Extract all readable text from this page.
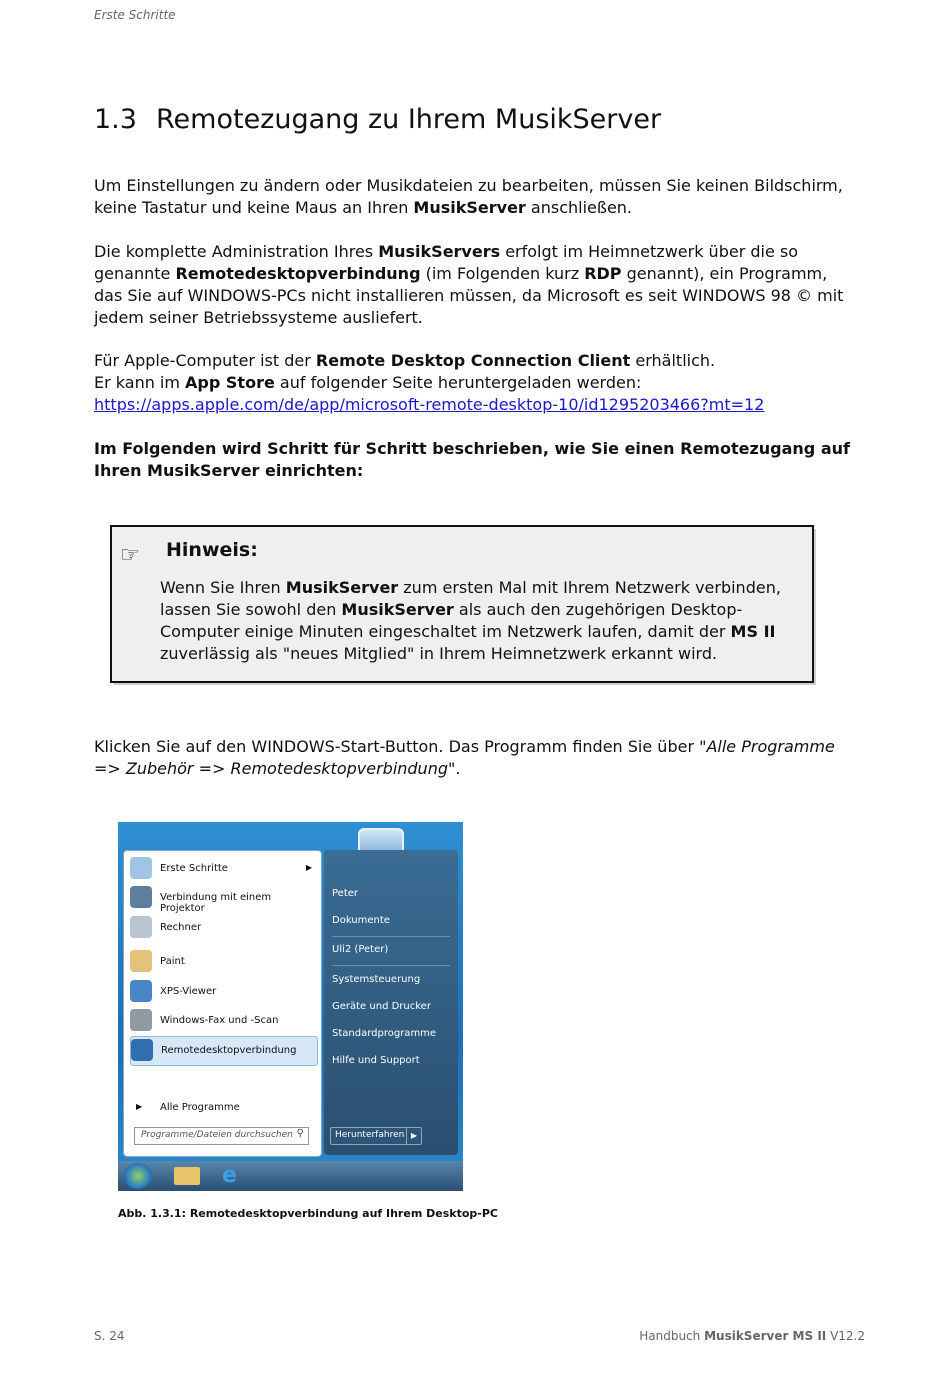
Erste Schritte
1.3 Remotezugang zu Ihrem MusikServer
Um Einstellungen zu ändern oder Musikdateien zu bearbeiten, müssen Sie keinen Bildschirm, keine Tastatur und keine Maus an Ihren MusikServer anschließen.
Die komplette Administration Ihres MusikServers erfolgt im Heimnetzwerk über die so genannte Remotedesktopverbindung (im Folgenden kurz RDP genannt), ein Programm, das Sie auf WINDOWS-PCs nicht installieren müssen, da Microsoft es seit WINDOWS 98 © mit jedem seiner Betriebssysteme ausliefert.
Für Apple-Computer ist der Remote Desktop Connection Client erhältlich.
Er kann im App Store auf folgender Seite heruntergeladen werden:
https://apps.apple.com/de/app/microsoft-remote-desktop-10/id1295203466?mt=12
Im Folgenden wird Schritt für Schritt beschrieben, wie Sie einen Remotezugang auf Ihren MusikServer einrichten:
☞ Hinweis:
Wenn Sie Ihren MusikServer zum ersten Mal mit Ihrem Netzwerk verbinden, lassen Sie sowohl den MusikServer als auch den zugehörigen Desktop-Computer einige Minuten eingeschaltet im Netzwerk laufen, damit der MS II zuverlässig als "neues Mitglied" in Ihrem Heimnetzwerk erkannt wird.
Klicken Sie auf den WINDOWS-Start-Button. Das Programm finden Sie über "Alle Programme => Zubehör => Remotedesktopverbindung".
Erste Schritte	▶
Verbindung mit einem Projektor
Rechner
Paint
XPS-Viewer
Windows-Fax und -Scan
Remotedesktopverbindung
▶ Alle Programme
Programme/Dateien durchsuchen ⚲
Peter
Dokumente
Uli2 (Peter)
Systemsteuerung
Geräte und Drucker
Standardprogramme
Hilfe und Support
Herunterfahren ▶
e
Abb. 1.3.1: Remotedesktopverbindung auf Ihrem Desktop-PC
S. 24	Handbuch MusikServer MS II V12.2
